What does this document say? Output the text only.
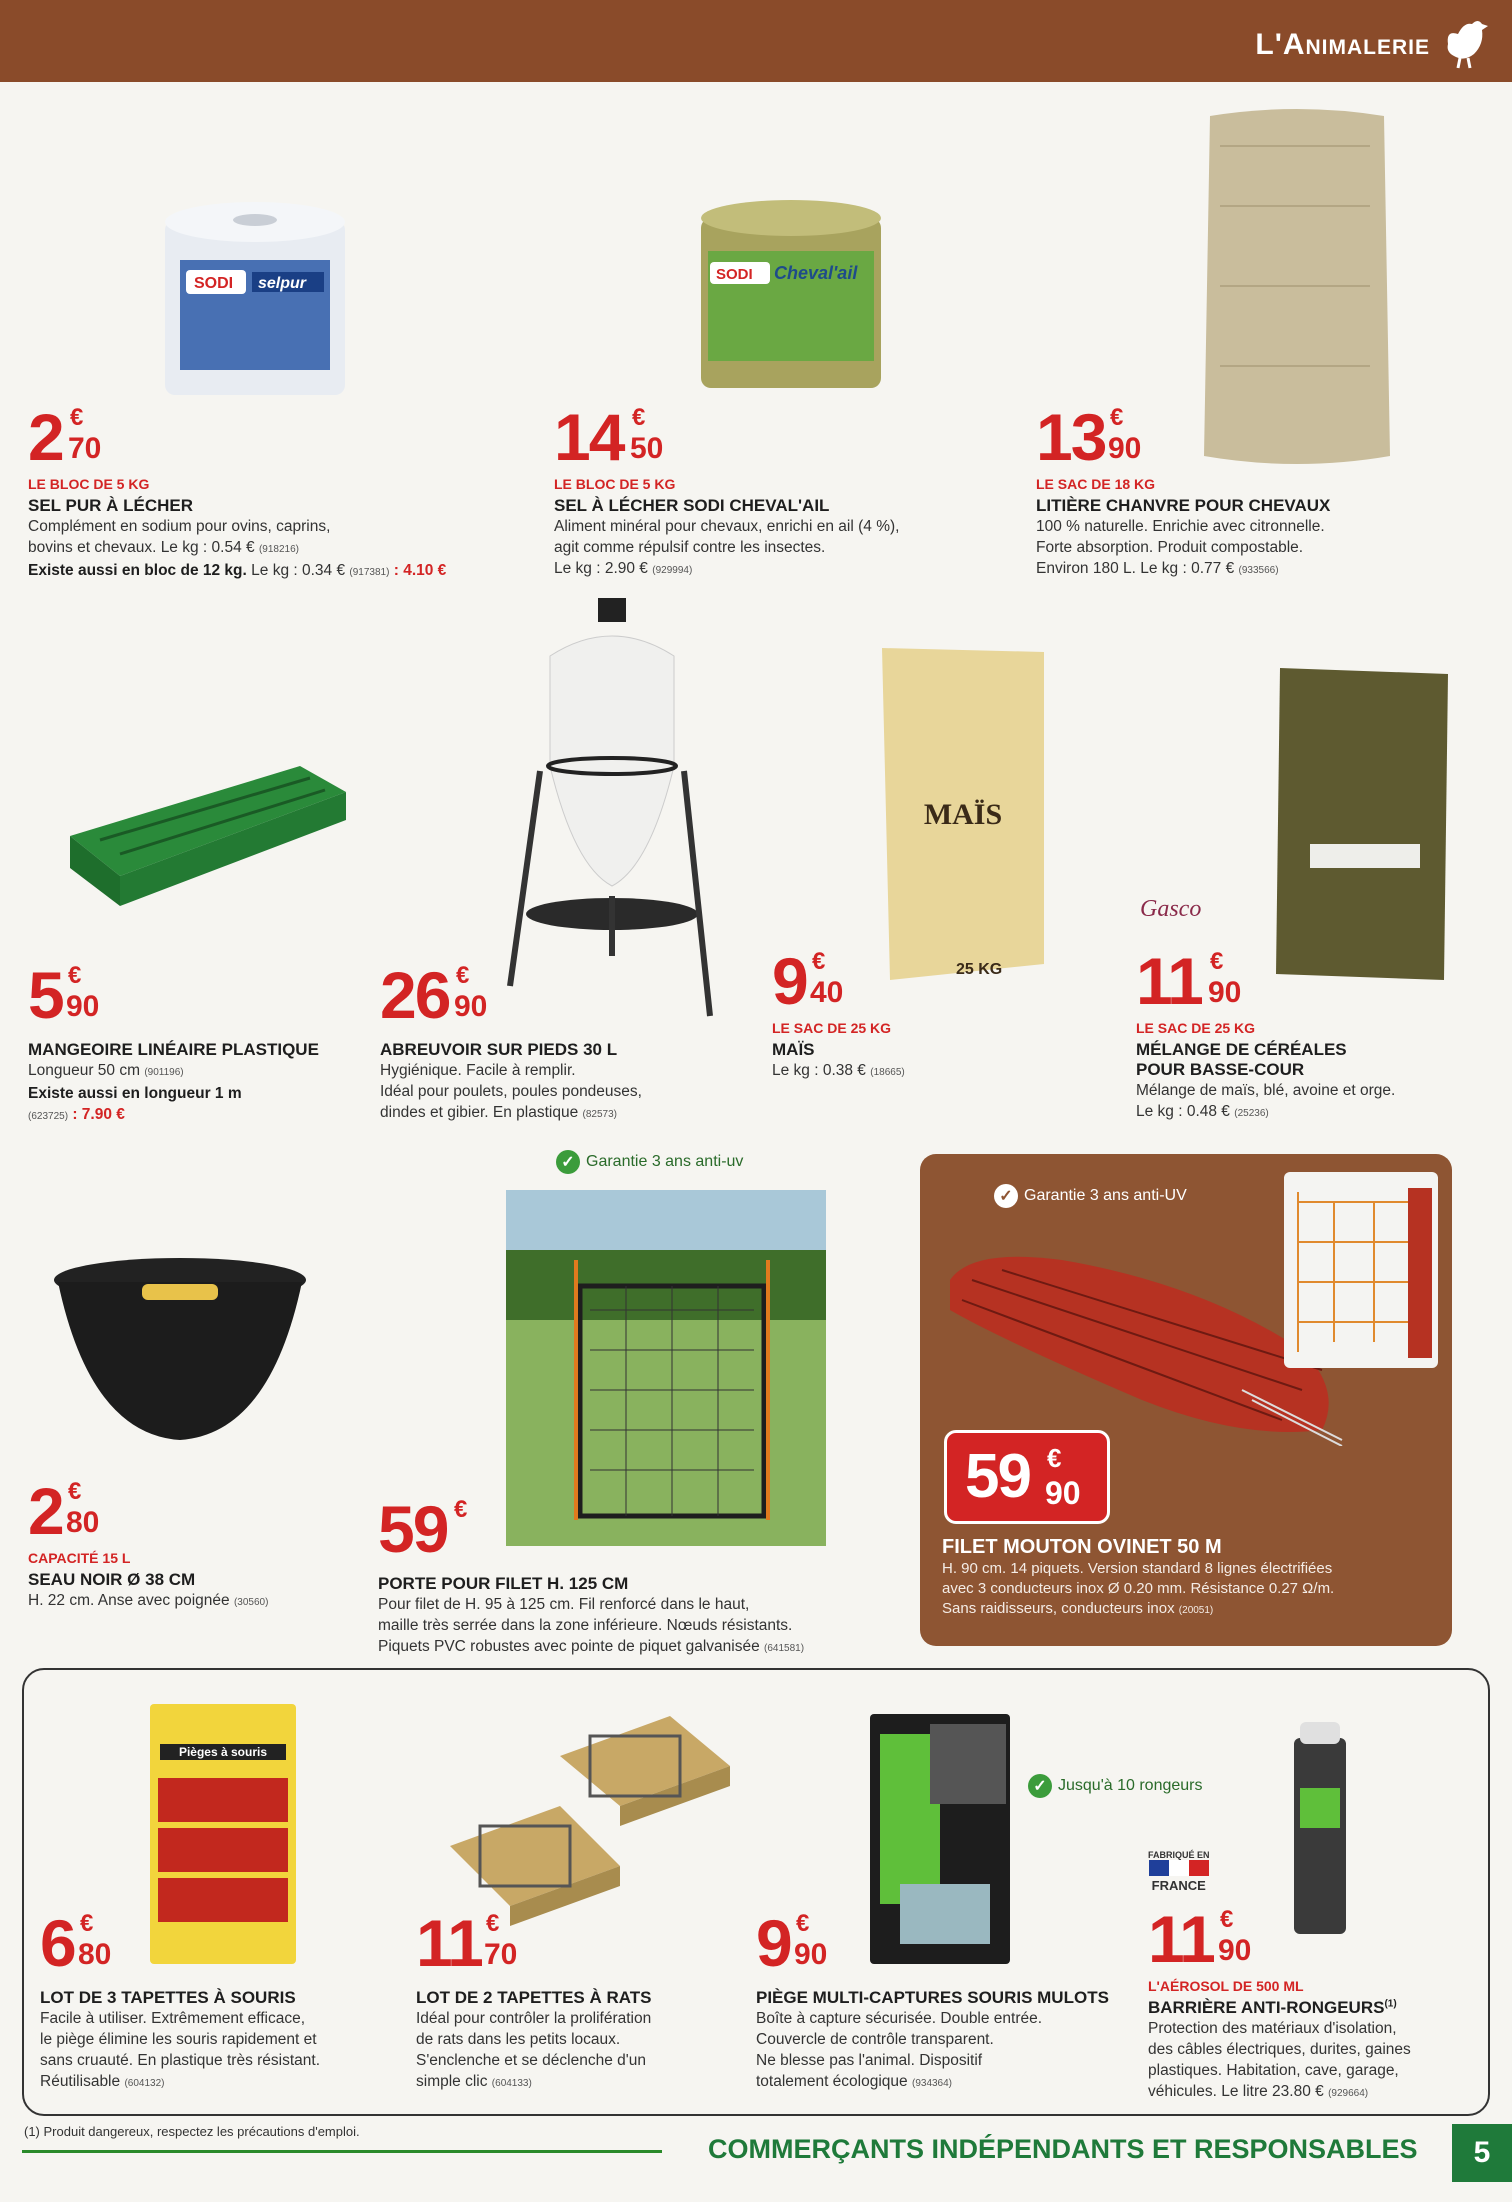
L'Animalerie
SODI selpur
SODI Cheval'ail
2 €
70
LE BLOC DE 5 KG
SEL PUR À LÉCHER
Complément en sodium pour ovins, caprins,
bovins et chevaux. Le kg : 0.54 € (918216)
Existe aussi en bloc de 12 kg. Le kg : 0.34 € (917381) : 4.10 €
14 €
50
LE BLOC DE 5 KG
SEL À LÉCHER SODI CHEVAL'AIL
Aliment minéral pour chevaux, enrichi en ail (4 %),
agit comme répulsif contre les insectes.
Le kg : 2.90 € (929994)
13 €
90
LE SAC DE 18 KG
LITIÈRE CHANVRE POUR CHEVAUX
100 % naturelle. Enrichie avec citronnelle.
Forte absorption. Produit compostable.
Environ 180 L. Le kg : 0.77 € (933566)
MAÏS
25 KG
Gasco
5 €
90
MANGEOIRE LINÉAIRE PLASTIQUE
Longueur 50 cm (901196)
Existe aussi en longueur 1 m
(623725) : 7.90 €
26 €
90
ABREUVOIR SUR PIEDS 30 L
Hygiénique. Facile à remplir.
Idéal pour poulets, poules pondeuses,
dindes et gibier. En plastique (82573)
9 €
40
LE SAC DE 25 KG
MAÏS
Le kg : 0.38 € (18665)
11 €
90
LE SAC DE 25 KG
MÉLANGE DE CÉRÉALES
POUR BASSE-COUR
Mélange de maïs, blé, avoine et orge.
Le kg : 0.48 € (25236)
✓ Garantie 3 ans anti-uv
2 €
80
CAPACITÉ 15 L
SEAU NOIR Ø 38 CM
H. 22 cm. Anse avec poignée (30560)
59 €
PORTE POUR FILET H. 125 CM
Pour filet de H. 95 à 125 cm. Fil renforcé dans le haut,
maille très serrée dans la zone inférieure. Nœuds résistants.
Piquets PVC robustes avec pointe de piquet galvanisée (641581)
✓ Garantie 3 ans anti-UV
59 €
90
FILET MOUTON OVINET 50 M
H. 90 cm. 14 piquets. Version standard 8 lignes électrifiées
avec 3 conducteurs inox Ø 0.20 mm. Résistance 0.27 Ω/m.
Sans raidisseurs, conducteurs inox (20051)
Pièges à souris
✓ Jusqu'à 10 rongeurs
FABRIQUÉ EN
FRANCE
6 €
80
LOT DE 3 TAPETTES À SOURIS
Facile à utiliser. Extrêmement efficace,
le piège élimine les souris rapidement et
sans cruauté. En plastique très résistant.
Réutilisable (604132)
11 €
70
LOT DE 2 TAPETTES À RATS
Idéal pour contrôler la prolifération
de rats dans les petits locaux.
S'enclenche et se déclenche d'un
simple clic (604133)
9 €
90
PIÈGE MULTI-CAPTURES SOURIS MULOTS
Boîte à capture sécurisée. Double entrée.
Couvercle de contrôle transparent.
Ne blesse pas l'animal. Dispositif
totalement écologique (934364)
11 €
90
L'AÉROSOL DE 500 ML
BARRIÈRE ANTI-RONGEURS$^{(1)}$
Protection des matériaux d'isolation,
des câbles électriques, durites, gaines
plastiques. Habitation, cave, garage,
véhicules. Le litre 23.80 € (929664)
(1) Produit dangereux, respectez les précautions d'emploi.
COMMERÇANTS INDÉPENDANTS ET RESPONSABLES	5
